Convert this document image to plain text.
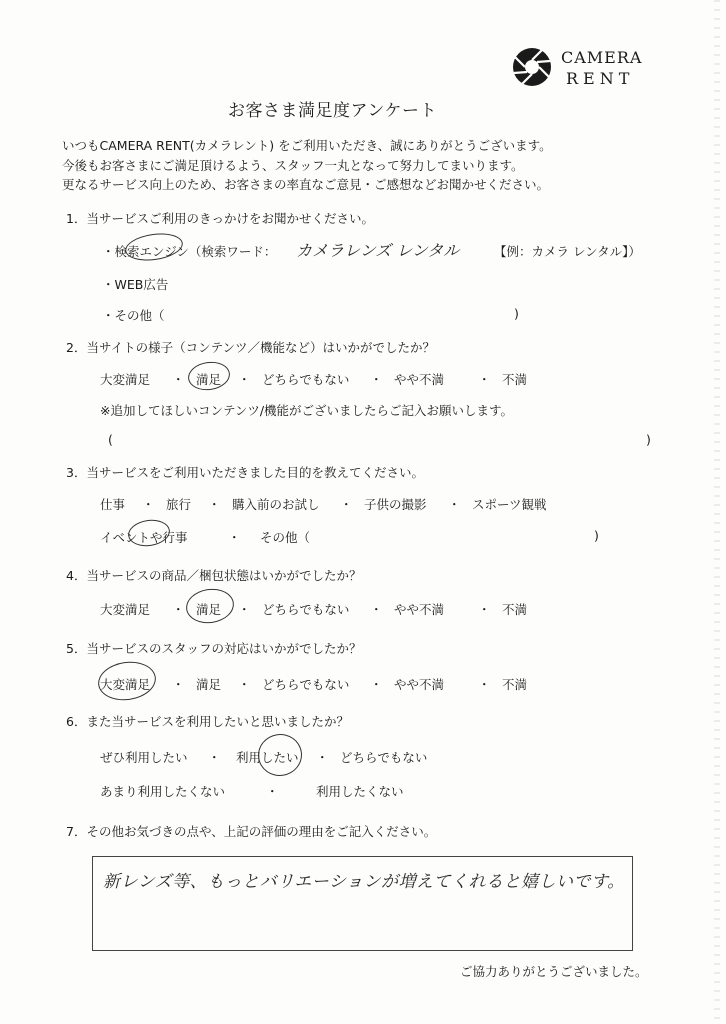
CAMERA
RENT
お客さま満足度アンケート
いつもCAMERA RENT(カメラレント) をご利用いただき、誠にありがとうございます。
今後もお客さまにご満足頂けるよう、スタッフ一丸となって努力してまいります。
更なるサービス向上のため、お客さまの率直なご意見・ご感想などお聞かせください。
1．当サービスご利用のきっかけをお聞かせください。
・検索エンジン（検索ワード： カメラレンズ レンタル	【例：カメラ レンタル】）
・WEB広告
・その他（	)
2．当サイトの様子（コンテンツ／機能など）はいかがでしたか？
大変満足 ・ 満足 ・ どちらでもない ・ やや不満	・ 不満
※追加してほしいコンテンツ/機能がございましたらご記入お願いします。
(	)
3．当サービスをご利用いただきました目的を教えてください。
仕事 ・ 旅行 ・ 購入前のお試し ・ 子供の撮影 ・ スポーツ観戦
イベントや行事	・ その他（	)
4．当サービスの商品／梱包状態はいかがでしたか？
大変満足 ・ 満足 ・ どちらでもない ・ やや不満	・ 不満
5．当サービスのスタッフの対応はいかがでしたか？
大変満足 ・ 満足 ・ どちらでもない ・ やや不満	・ 不満
6．また当サービスを利用したいと思いましたか？
ぜひ利用したい ・ 利用したい ・ どちらでもない
あまり利用したくない	・	利用したくない
7．その他お気づきの点や、上記の評価の理由をご記入ください。
新レンズ等、もっとバリエーションが増えてくれると嬉しいです。
ご協力ありがとうございました。
